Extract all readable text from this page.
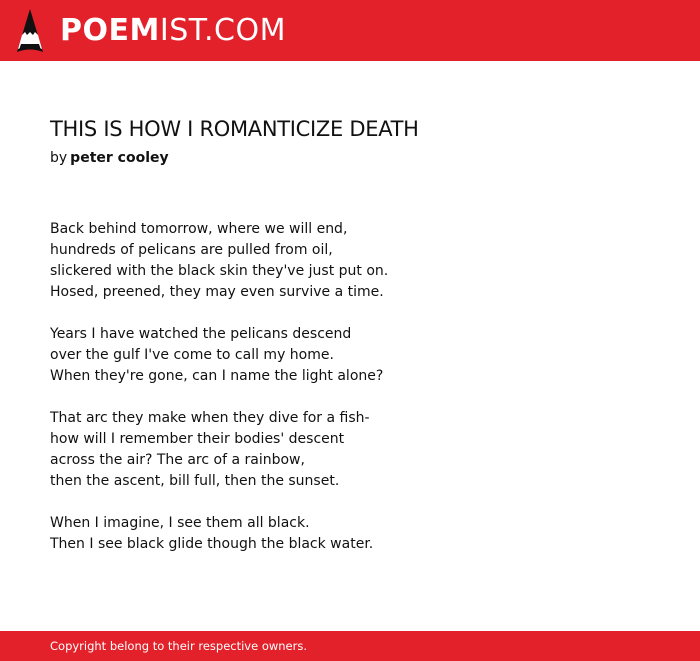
POEMIST.COM
THIS IS HOW I ROMANTICIZE DEATH
by peter cooley
Back behind tomorrow, where we will end,
hundreds of pelicans are pulled from oil,
slickered with the black skin they've just put on.
Hosed, preened, they may even survive a time.
Years I have watched the pelicans descend
over the gulf I've come to call my home.
When they're gone, can I name the light alone?
That arc they make when they dive for a fish-
how will I remember their bodies' descent
across the air? The arc of a rainbow,
then the ascent, bill full, then the sunset.
When I imagine, I see them all black.
Then I see black glide though the black water.
Copyright belong to their respective owners.
